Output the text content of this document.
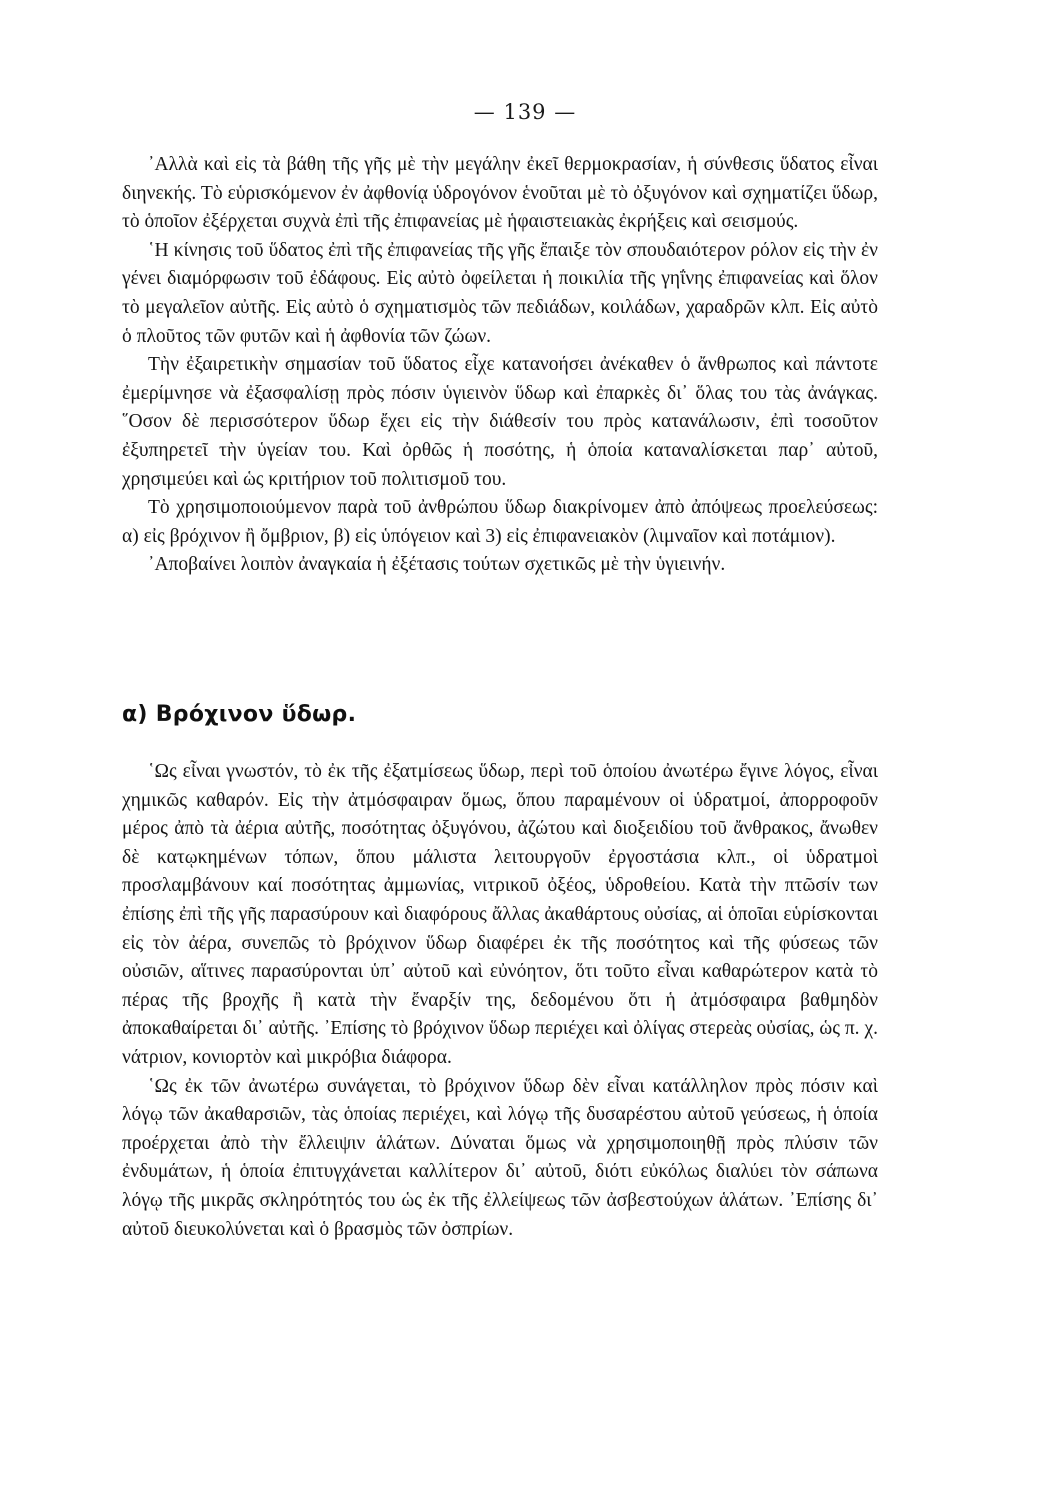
— 139 —

᾿Αλλὰ καὶ εἰς τὰ βάθη τῆς γῆς μὲ τὴν μεγάλην ἐκεῖ θερμοκρασίαν, ἡ σύνθεσις ὕδατος εἶναι διηνεκής. Τὸ εὑρισκόμενον ἐν ἀφθονίᾳ ὑδρογόνον ἑνοῦται μὲ τὸ ὀξυγόνον καὶ σχηματίζει ὕδωρ, τὸ ὁποῖον ἐξέρχεται συχνὰ ἐπὶ τῆς ἐπιφανείας μὲ ἡφαιστειακὰς ἐκρήξεις καὶ σεισμούς.

῾Η κίνησις τοῦ ὕδατος ἐπὶ τῆς ἐπιφανείας τῆς γῆς ἔπαιξε τὸν σπουδαιότερον ρόλον εἰς τὴν ἐν γένει διαμόρφωσιν τοῦ ἐδάφους. Εἰς αὐτὸ ὀφείλεται ἡ ποικιλία τῆς γηΐνης ἐπιφανείας καὶ ὅλον τὸ μεγαλεῖον αὐτῆς. Εἰς αὐτὸ ὁ σχηματισμὸς τῶν πεδιάδων, κοιλάδων, χαραδρῶν κλπ. Εἰς αὐτὸ ὁ πλοῦτος τῶν φυτῶν καὶ ἡ ἀφθονία τῶν ζώων.

Τὴν ἐξαιρετικὴν σημασίαν τοῦ ὕδατος εἶχε κατανοήσει ἀνέκαθεν ὁ ἄνθρωπος καὶ πάντοτε ἐμερίμνησε νὰ ἐξασφαλίσῃ πρὸς πόσιν ὑγιεινὸν ὕδωρ καὶ ἐπαρκὲς δι᾿ ὅλας του τὰς ἀνάγκας. ῞Οσον δὲ περισσότερον ὕδωρ ἔχει εἰς τὴν διάθεσίν του πρὸς κατανάλωσιν, ἐπὶ τοσοῦτον ἐξυπηρετεῖ τὴν ὑγείαν του. Καὶ ὀρθῶς ἡ ποσότης, ἡ ὁποία καταναλίσκεται παρ᾿ αὐτοῦ, χρησιμεύει καὶ ὡς κριτήριον τοῦ πολιτισμοῦ του.

Τὸ χρησιμοποιούμενον παρὰ τοῦ ἀνθρώπου ὕδωρ διακρίνομεν ἀπὸ ἀπόψεως προελεύσεως: α) εἰς βρόχινον ἢ ὄμβριον, β) εἰς ὑπόγειον καὶ 3) εἰς ἐπιφανειακὸν (λιμναῖον καὶ ποτάμιον).

᾿Αποβαίνει λοιπὸν ἀναγκαία ἡ ἐξέτασις τούτων σχετικῶς μὲ τὴν ὑγιεινήν.

α) Βρόχινον ὕδωρ.

῾Ως εἶναι γνωστόν, τὸ ἐκ τῆς ἐξατμίσεως ὕδωρ, περὶ τοῦ ὁποίου ἀνωτέρω ἔγινε λόγος, εἶναι χημικῶς καθαρόν. Εἰς τὴν ἀτμόσφαιραν ὅμως, ὅπου παραμένουν οἱ ὑδρατμοί, ἀπορροφοῦν μέρος ἀπὸ τὰ ἀέρια αὐτῆς, ποσότητας ὀξυγόνου, ἀζώτου καὶ διοξειδίου τοῦ ἄνθρακος, ἄνωθεν δὲ κατῳκημένων τόπων, ὅπου μάλιστα λειτουργοῦν ἐργοστάσια κλπ., οἱ ὑδρατμοὶ προσλαμβάνουν καί ποσότητας ἀμμωνίας, νιτρικοῦ ὀξέος, ὑδροθείου. Κατὰ τὴν πτῶσίν των ἐπίσης ἐπὶ τῆς γῆς παρασύρουν καὶ διαφόρους ἄλλας ἀκαθάρτους οὐσίας, αἱ ὁποῖαι εὑρίσκονται εἰς τὸν ἀέρα, συνεπῶς τὸ βρόχινον ὕδωρ διαφέρει ἐκ τῆς ποσότητος καὶ τῆς φύσεως τῶν οὐσιῶν, αἵτινες παρασύρονται ὑπ᾿ αὐτοῦ καὶ εὐνόητον, ὅτι τοῦτο εἶναι καθαρώτερον κατὰ τὸ πέρας τῆς βροχῆς ἢ κατὰ τὴν ἔναρξίν της, δεδομένου ὅτι ἡ ἀτμόσφαιρα βαθμηδὸν ἀποκαθαίρεται δι᾿ αὐτῆς. ᾿Επίσης τὸ βρόχινον ὕδωρ περιέχει καὶ ὀλίγας στερεὰς οὐσίας, ὡς π. χ. νάτριον, κονιορτὸν καὶ μικρόβια διάφορα.

῾Ως ἐκ τῶν ἀνωτέρω συνάγεται, τὸ βρόχινον ὕδωρ δὲν εἶναι κατάλληλον πρὸς πόσιν καὶ λόγῳ τῶν ἀκαθαρσιῶν, τὰς ὁποίας περιέχει, καὶ λόγῳ τῆς δυσαρέστου αὐτοῦ γεύσεως, ἡ ὁποία προέρχεται ἀπὸ τὴν ἔλλειψιν ἁλάτων. Δύναται ὅμως νὰ χρησιμοποιηθῇ πρὸς πλύσιν τῶν ἐνδυμάτων, ἡ ὁποία ἐπιτυγχάνεται καλλίτερον δι᾿ αὐτοῦ, διότι εὐκόλως διαλύει τὸν σάπωνα λόγῳ τῆς μικρᾶς σκληρότητός του ὡς ἐκ τῆς ἐλλείψεως τῶν ἀσβεστούχων ἁλάτων. ᾿Επίσης δι᾿ αὐτοῦ διευκολύνεται καὶ ὁ βρασμὸς τῶν ὀσπρίων.
